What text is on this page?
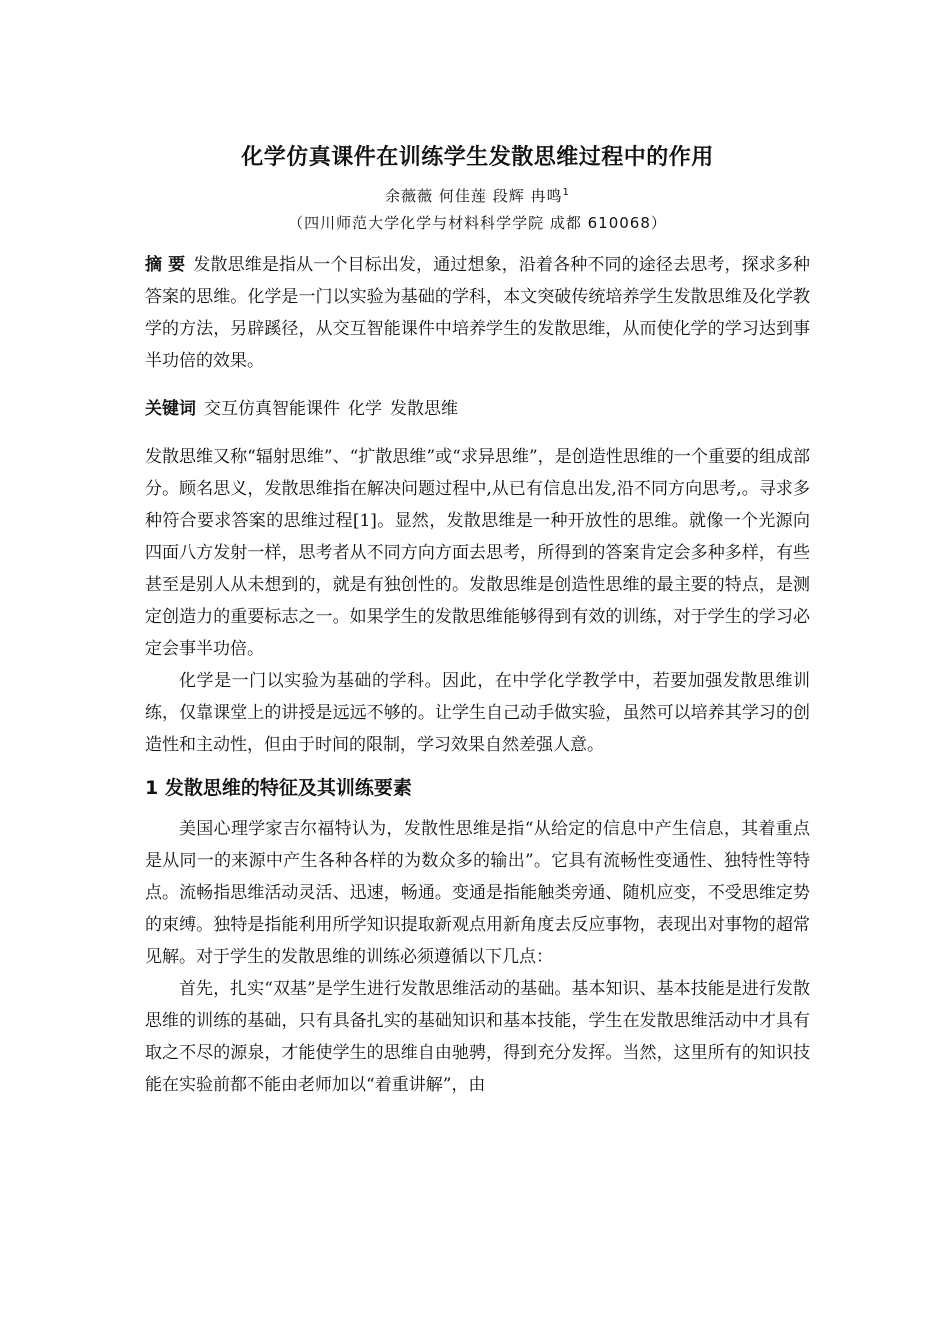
化学仿真课件在训练学生发散思维过程中的作用
余薇薇 何佳莲 段辉 冉鸣$^1$
（四川师范大学化学与材料科学学院 成都 610068）

摘 要 发散思维是指从一个目标出发，通过想象，沿着各种不同的途径去思考，探求多种答案的思维。化学是一门以实验为基础的学科，本文突破传统培养学生发散思维及化学教学的方法，另辟蹊径，从交互智能课件中培养学生的发散思维，从而使化学的学习达到事半功倍的效果。

关键词 交互仿真智能课件 化学 发散思维

发散思维又称“辐射思维”、“扩散思维”或“求异思维”，是创造性思维的一个重要的组成部分。顾名思义，发散思维指在解决问题过程中,从已有信息出发,沿不同方向思考,。寻求多种符合要求答案的思维过程[1]。显然，发散思维是一种开放性的思维。就像一个光源向四面八方发射一样，思考者从不同方向方面去思考，所得到的答案肯定会多种多样，有些甚至是别人从未想到的，就是有独创性的。发散思维是创造性思维的最主要的特点，是测定创造力的重要标志之一。如果学生的发散思维能够得到有效的训练，对于学生的学习必定会事半功倍。

化学是一门以实验为基础的学科。因此，在中学化学教学中，若要加强发散思维训练，仅靠课堂上的讲授是远远不够的。让学生自己动手做实验，虽然可以培养其学习的创造性和主动性，但由于时间的限制，学习效果自然差强人意。

1 发散思维的特征及其训练要素

美国心理学家吉尔福特认为，发散性思维是指“从给定的信息中产生信息，其着重点是从同一的来源中产生各种各样的为数众多的输出”。它具有流畅性变通性、独特性等特点。流畅指思维活动灵活、迅速，畅通。变通是指能触类旁通、随机应变，不受思维定势的束缚。独特是指能利用所学知识提取新观点用新角度去反应事物，表现出对事物的超常见解。对于学生的发散思维的训练必须遵循以下几点：

首先，扎实“双基”是学生进行发散思维活动的基础。基本知识、基本技能是进行发散思维的训练的基础，只有具备扎实的基础知识和基本技能，学生在发散思维活动中才具有取之不尽的源泉，才能使学生的思维自由驰骋，得到充分发挥。当然，这里所有的知识技能在实验前都不能由老师加以“着重讲解”，由
